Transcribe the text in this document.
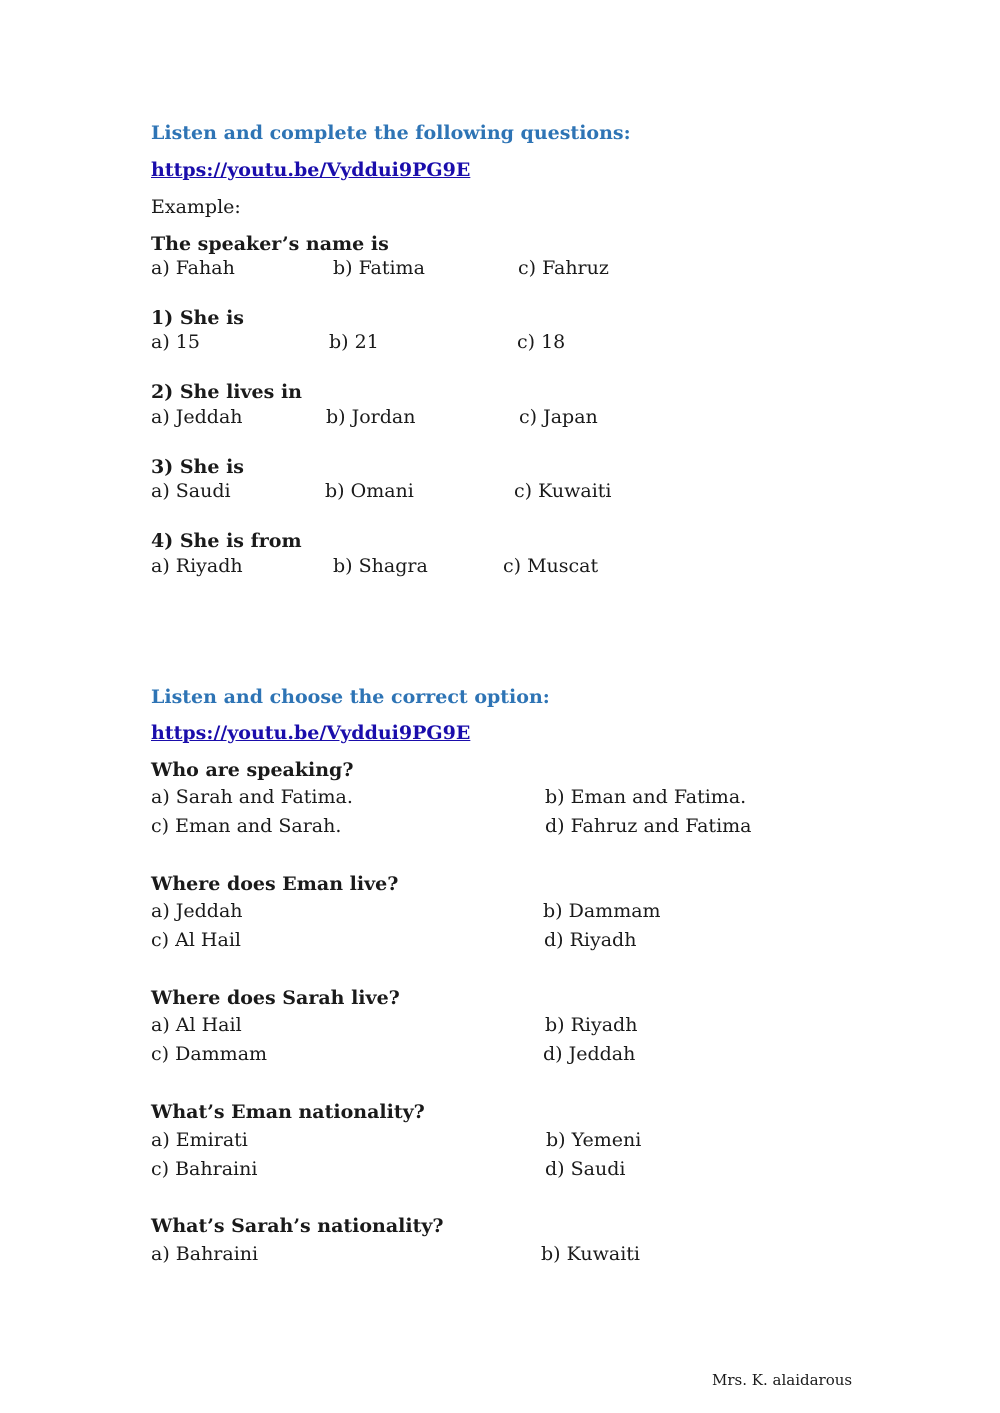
Listen and complete the following questions:
https://youtu.be/Vyddui9PG9E
Example:
The speaker’s name is
a) Fahah	b) Fatima	c) Fahruz
1) She is
a) 15	b) 21	c) 18
2) She lives in
a) Jeddah	b) Jordan	c) Japan
3) She is
a) Saudi	b) Omani	c) Kuwaiti
4) She is from
a) Riyadh	b) Shagra	c) Muscat
Listen and choose the correct option:
https://youtu.be/Vyddui9PG9E
Who are speaking?
a) Sarah and Fatima.	b) Eman and Fatima.
c) Eman and Sarah.	d) Fahruz and Fatima
Where does Eman live?
a) Jeddah	b) Dammam
c) Al Hail	d) Riyadh
Where does Sarah live?
a) Al Hail	b) Riyadh
c) Dammam	d) Jeddah
What’s Eman nationality?
a) Emirati	b) Yemeni
c) Bahraini	d) Saudi
What’s Sarah’s nationality?
a) Bahraini	b) Kuwaiti
Mrs. K. alaidarous
